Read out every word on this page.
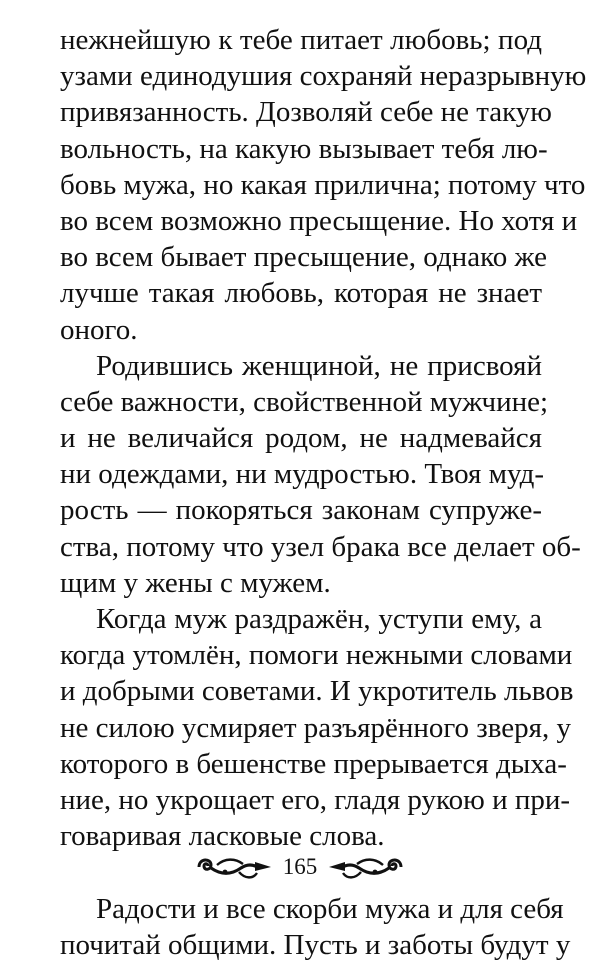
нежнейшую к тебе питает любовь; под
узами единодушия сохраняй неразрывную
привязанность. Дозволяй себе не такую
вольность, на какую вызывает тебя лю-
бовь мужа, но какая прилична; потому что
во всем возможно пресыщение. Но хотя и
во всем бывает пресыщение, однако же
лучше такая любовь, которая не знает
оного.
Родившись женщиной, не присвояй
себе важности, свойственной мужчине;
и не величайся родом, не надмевайся
ни одеждами, ни мудростью. Твоя муд-
рость — покоряться законам супруже-
ства, потому что узел брака все делает об-
щим у жены с мужем.
Когда муж раздражён, уступи ему, а
когда утомлён, помоги нежными словами
и добрыми советами. И укротитель львов
не силою усмиряет разъярённого зверя, у
которого в бешенстве прерывается дыха-
ние, но укрощает его, гладя рукою и при-
говаривая ласковые слова.
Радости и все скорби мужа и для себя
почитай общими. Пусть и заботы будут у
165
